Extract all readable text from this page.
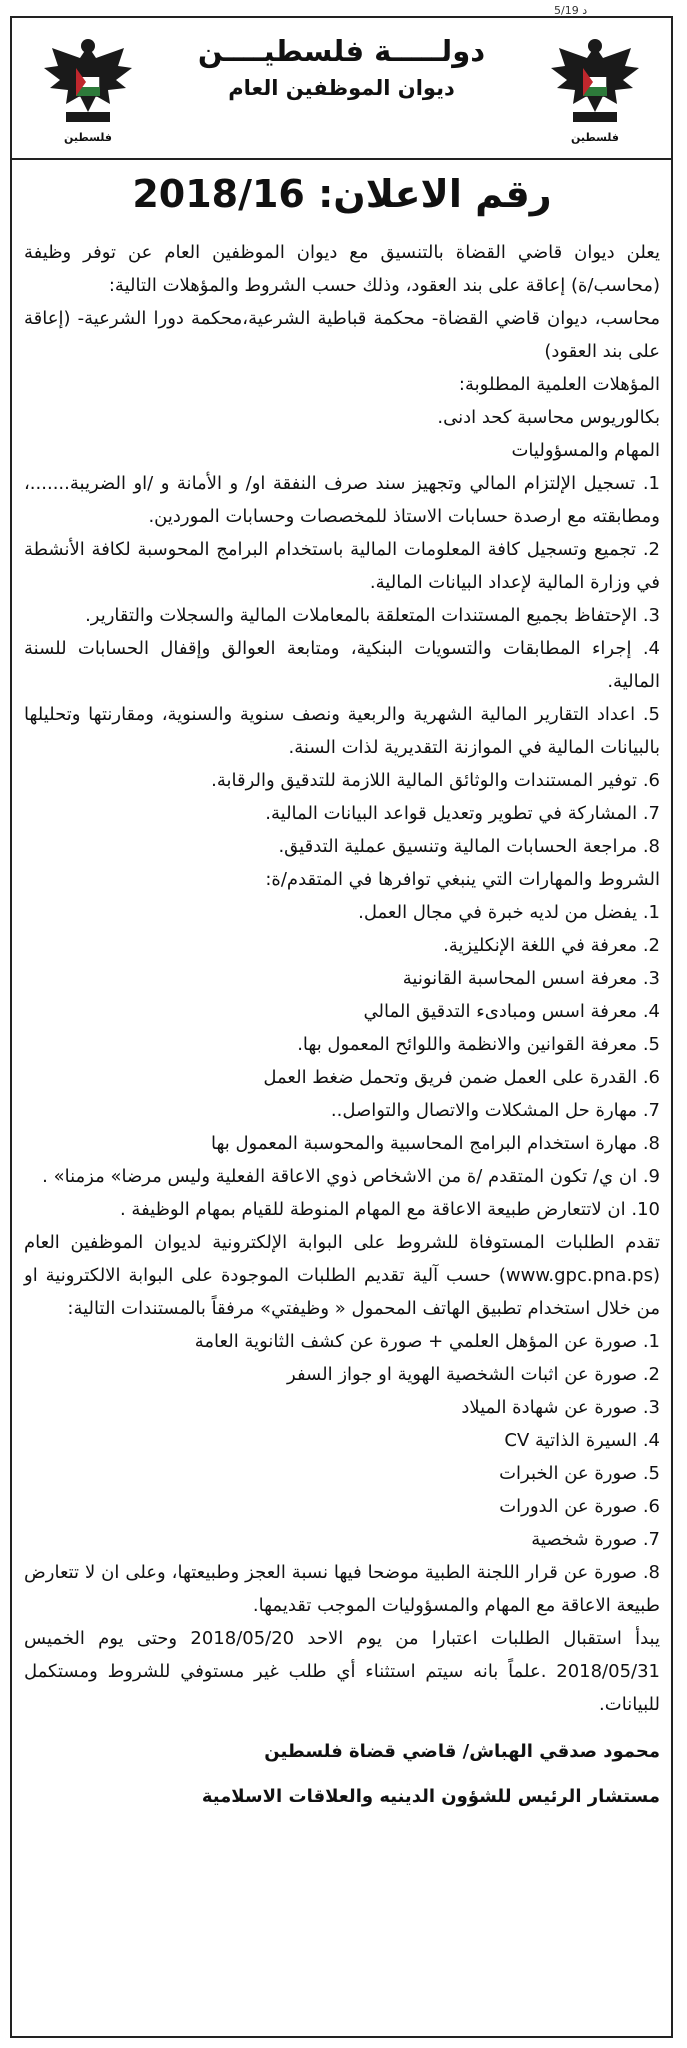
5/19 د
فلسطين
فلسطين
دولـــــة فلسطيــــن
ديوان الموظفين العام
رقم الاعلان: 2018/16

يعلن ديوان قاضي القضاة بالتنسيق مع ديوان الموظفين العام عن توفر وظيفة (محاسب/ة) إعاقة على بند العقود، وذلك حسب الشروط والمؤهلات التالية:

محاسب، ديوان قاضي القضاة- محكمة قباطية الشرعية،محكمة دورا الشرعية- (إعاقة على بند العقود)

المؤهلات العلمية المطلوبة:

بكالوريوس محاسبة كحد ادنى.

المهام والمسؤوليات

1. تسجيل الإلتزام المالي وتجهيز سند صرف النفقة او/ و الأمانة و /او الضريبة.......، ومطابقته مع ارصدة حسابات الاستاذ للمخصصات وحسابات الموردين.

2. تجميع وتسجيل كافة المعلومات المالية باستخدام البرامج المحوسبة لكافة الأنشطة في وزارة المالية لإعداد البيانات المالية.

3. الإحتفاظ بجميع المستندات المتعلقة بالمعاملات المالية والسجلات والتقارير.

4. إجراء المطابقات والتسويات البنكية، ومتابعة العوالق وإقفال الحسابات للسنة المالية.

5. اعداد التقارير المالية الشهرية والربعية ونصف سنوية والسنوية، ومقارنتها وتحليلها بالبيانات المالية في الموازنة التقديرية لذات السنة.

6. توفير المستندات والوثائق المالية اللازمة للتدقيق والرقابة.

7. المشاركة في تطوير وتعديل قواعد البيانات المالية.

8. مراجعة الحسابات المالية وتنسيق عملية التدقيق.

الشروط والمهارات التي ينبغي توافرها في المتقدم/ة:

1. يفضل من لديه خبرة في مجال العمل.

2. معرفة في اللغة الإنكليزية.

3. معرفة اسس المحاسبة القانونية

4. معرفة اسس ومبادىء التدقيق المالي

5. معرفة القوانين والانظمة واللوائح المعمول بها.

6. القدرة على العمل ضمن فريق وتحمل ضغط العمل

7. مهارة حل المشكلات والاتصال والتواصل..

8. مهارة استخدام البرامج المحاسبية والمحوسبة المعمول بها

9. ان ي/ تكون المتقدم /ة من الاشخاص ذوي الاعاقة الفعلية وليس مرضا» مزمنا» .

10. ان لاتتعارض طبيعة الاعاقة مع المهام المنوطة للقيام بمهام الوظيفة .

تقدم الطلبات المستوفاة للشروط على البوابة الإلكترونية لديوان الموظفين العام (www.gpc.pna.ps) حسب آلية تقديم الطلبات الموجودة على البوابة الالكترونية او من خلال استخدام تطبيق الهاتف المحمول « وظيفتي» مرفقاً بالمستندات التالية:

1. صورة عن المؤهل العلمي + صورة عن كشف الثانوية العامة

2. صورة عن اثبات الشخصية الهوية او جواز السفر

3. صورة عن شهادة الميلاد

4. السيرة الذاتية CV

5. صورة عن الخبرات

6. صورة عن الدورات

7. صورة شخصية

8. صورة عن قرار اللجنة الطبية موضحا فيها نسبة العجز وطبيعتها، وعلى ان لا تتعارض طبيعة الاعاقة مع المهام والمسؤوليات الموجب تقديمها.

يبدأ استقبال الطلبات اعتبارا من يوم الاحد 2018/05/20 وحتى يوم الخميس 2018/05/31 .علماً بانه سيتم استثناء أي طلب غير مستوفي للشروط ومستكمل للبيانات.

محمود صدقي الهباش/ قاضي قضاة فلسطين
مستشار الرئيس للشؤون الدينيه والعلاقات الاسلامية
